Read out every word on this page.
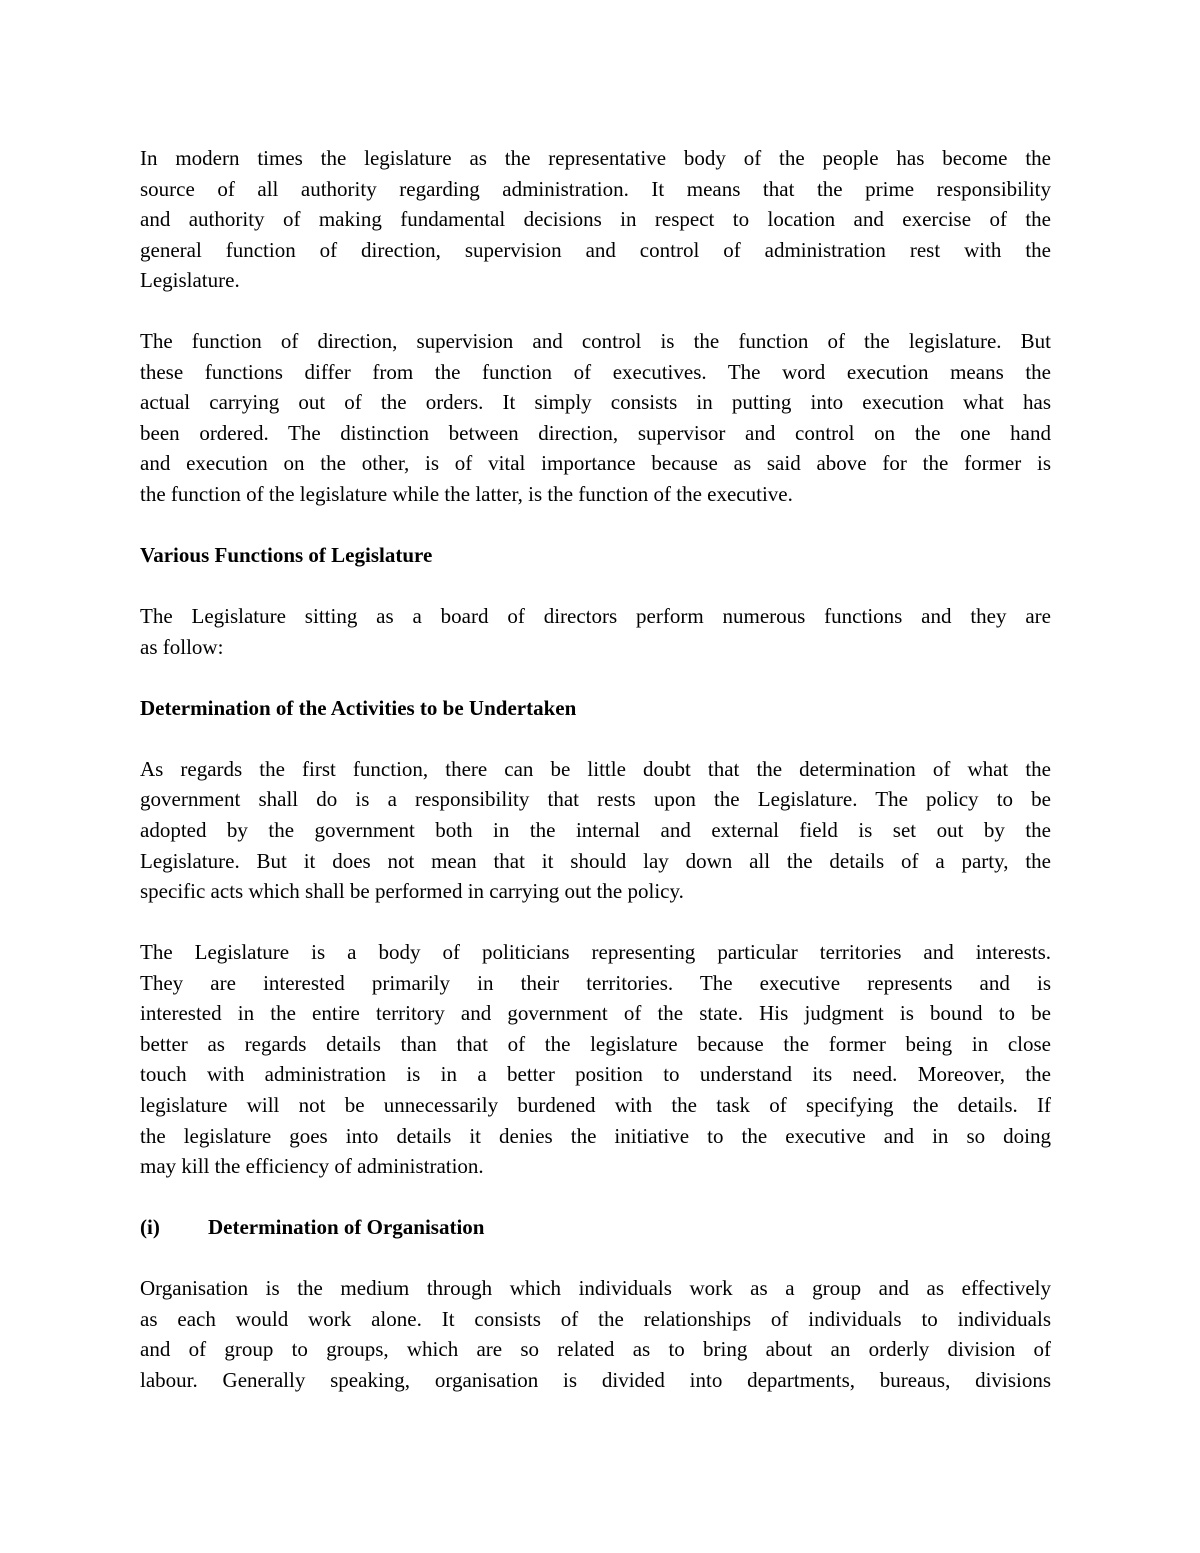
In modern times the legislature as the representative body of the people has become the
source of all authority regarding administration. It means that the prime responsibility
and authority of making fundamental decisions in respect to location and exercise of the
general function of direction, supervision and control of administration rest with the
Legislature.
The function of direction, supervision and control is the function of the legislature. But
these functions differ from the function of executives. The word execution means the
actual carrying out of the orders. It simply consists in putting into execution what has
been ordered. The distinction between direction, supervisor and control on the one hand
and execution on the other, is of vital importance because as said above for the former is
the function of the legislature while the latter, is the function of the executive.
Various Functions of Legislature
The Legislature sitting as a board of directors perform numerous functions and they are
as follow:
Determination of the Activities to be Undertaken
As regards the first function, there can be little doubt that the determination of what the
government shall do is a responsibility that rests upon the Legislature. The policy to be
adopted by the government both in the internal and external field is set out by the
Legislature. But it does not mean that it should lay down all the details of a party, the
specific acts which shall be performed in carrying out the policy.
The Legislature is a body of politicians representing particular territories and interests.
They are interested primarily in their territories. The executive represents and is
interested in the entire territory and government of the state. His judgment is bound to be
better as regards details than that of the legislature because the former being in close
touch with administration is in a better position to understand its need. Moreover, the
legislature will not be unnecessarily burdened with the task of specifying the details. If
the legislature goes into details it denies the initiative to the executive and in so doing
may kill the efficiency of administration.
(i) Determination of Organisation
Organisation is the medium through which individuals work as a group and as effectively
as each would work alone. It consists of the relationships of individuals to individuals
and of group to groups, which are so related as to bring about an orderly division of
labour. Generally speaking, organisation is divided into departments, bureaus, divisions
